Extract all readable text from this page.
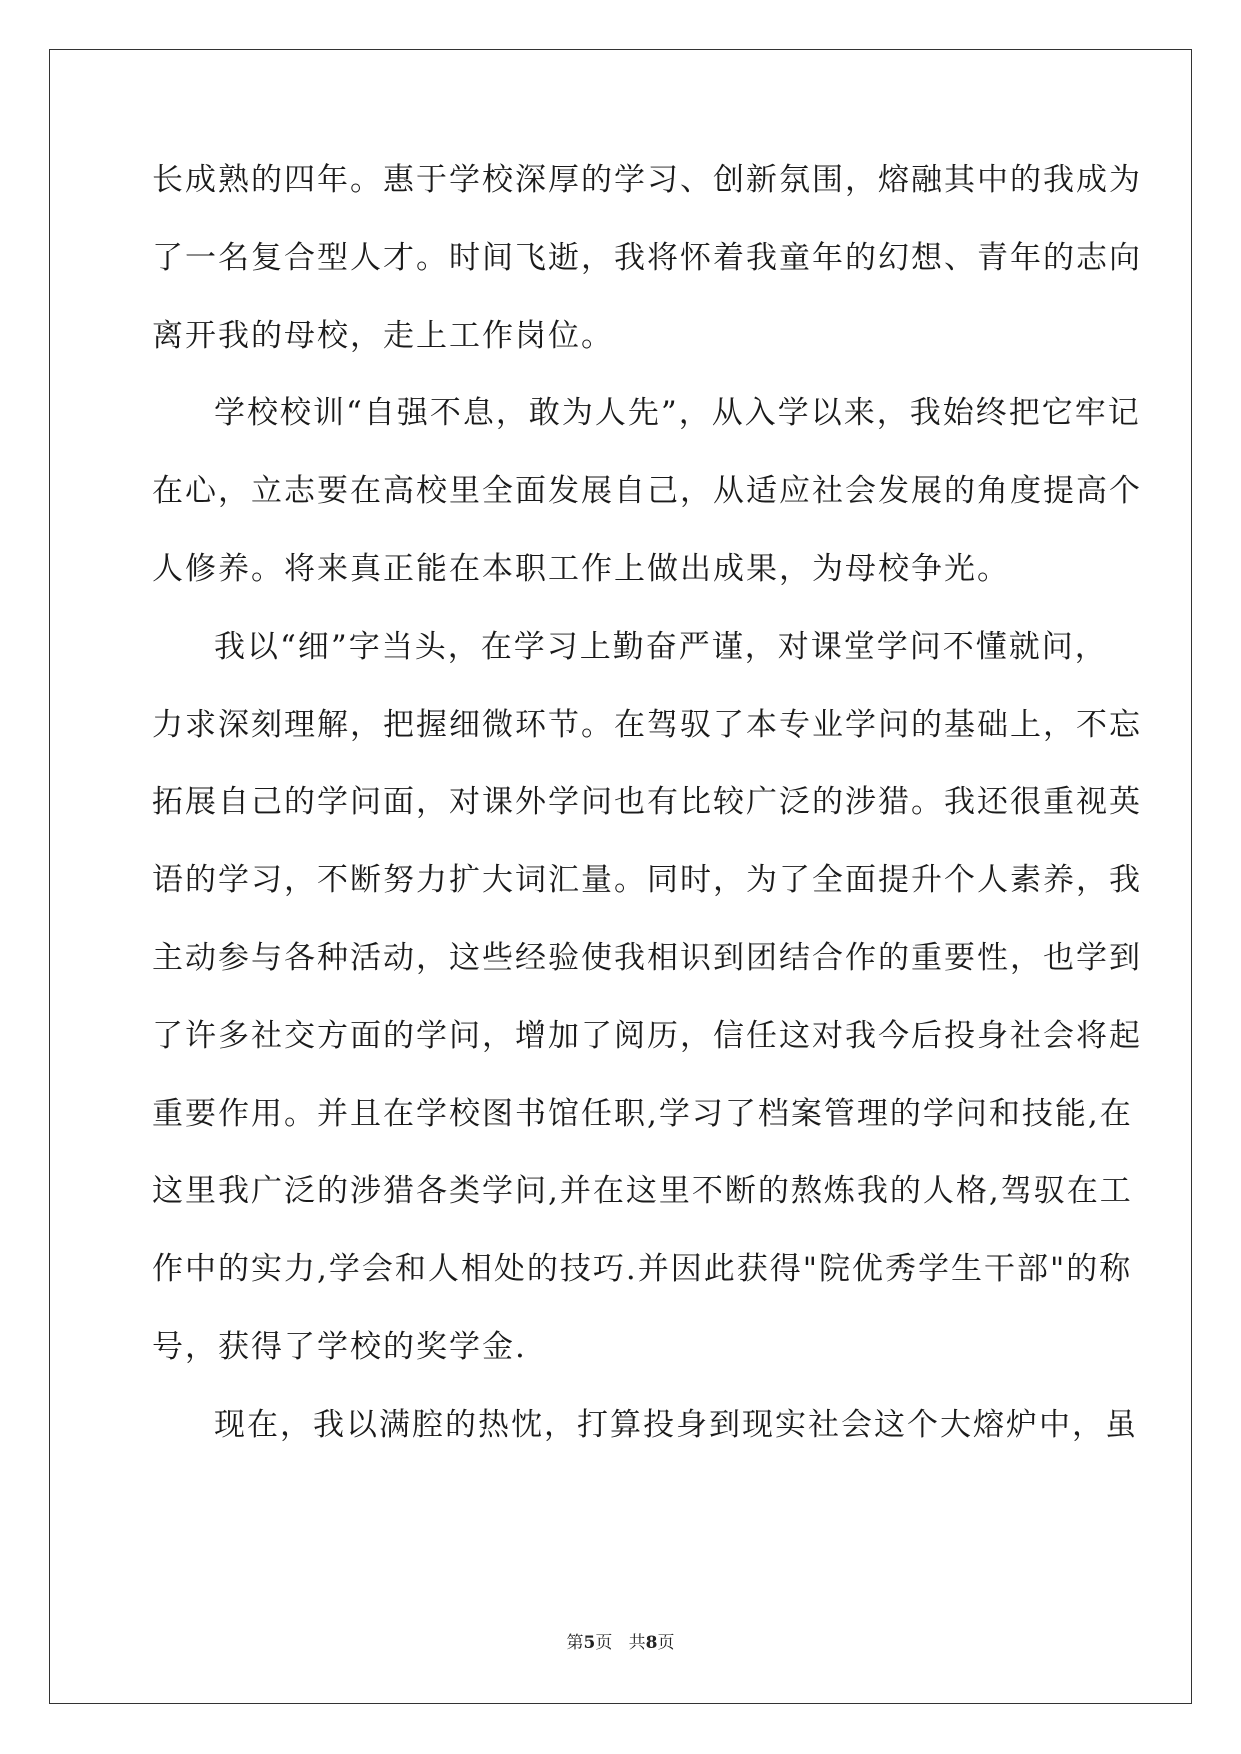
长成熟的四年。惠于学校深厚的学习、创新氛围，熔融其中的我成为
了一名复合型人才。时间飞逝，我将怀着我童年的幻想、青年的志向
离开我的母校，走上工作岗位。
学校校训“自强不息，敢为人先”，从入学以来，我始终把它牢记
在心，立志要在高校里全面发展自己，从适应社会发展的角度提高个
人修养。将来真正能在本职工作上做出成果，为母校争光。
我以“细”字当头，在学习上勤奋严谨，对课堂学问不懂就问，
力求深刻理解，把握细微环节。在驾驭了本专业学问的基础上，不忘
拓展自己的学问面，对课外学问也有比较广泛的涉猎。我还很重视英
语的学习，不断努力扩大词汇量。同时，为了全面提升个人素养，我
主动参与各种活动，这些经验使我相识到团结合作的重要性，也学到
了许多社交方面的学问，增加了阅历，信任这对我今后投身社会将起
重要作用。并且在学校图书馆任职,学习了档案管理的学问和技能,在
这里我广泛的涉猎各类学问,并在这里不断的熬炼我的人格,驾驭在工
作中的实力,学会和人相处的技巧.并因此获得"院优秀学生干部"的称
号，获得了学校的奖学金.
现在，我以满腔的热忱，打算投身到现实社会这个大熔炉中，虽
第5页 共8页
